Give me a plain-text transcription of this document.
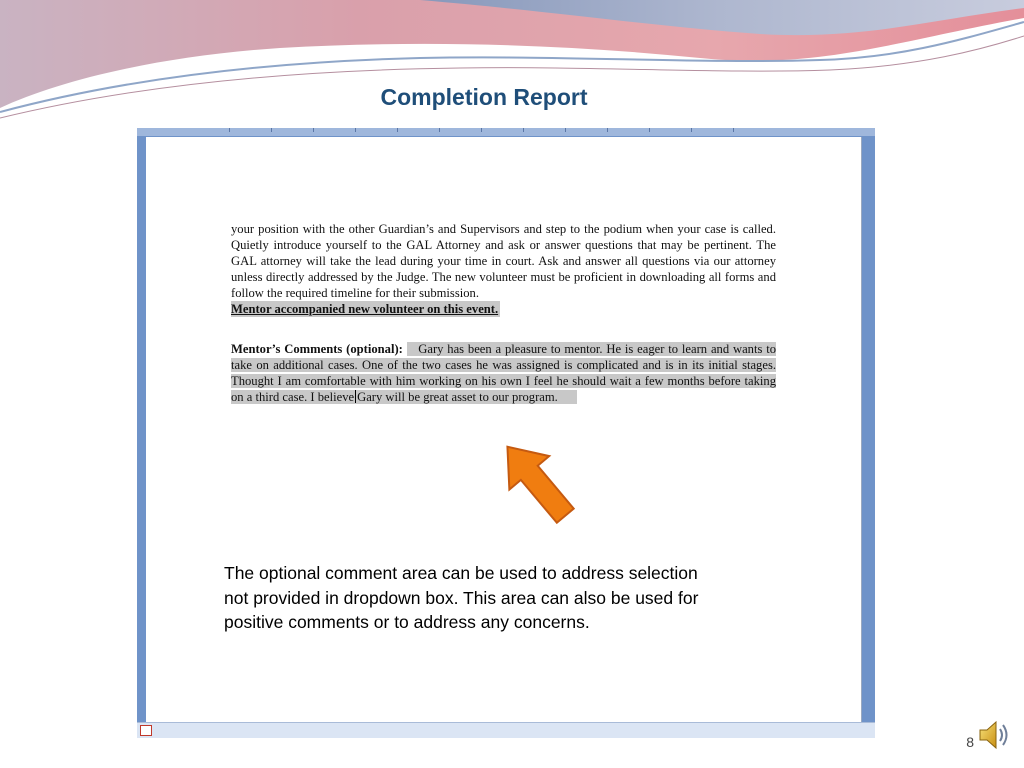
Completion Report

your position with the other Guardian’s and Supervisors and step to the podium when your case is called. Quietly introduce yourself to the GAL Attorney and ask or answer questions that may be pertinent. The GAL attorney will take the lead during your time in court. Ask and answer all questions via our attorney unless directly addressed by the Judge. The new volunteer must be proficient in downloading all forms and follow the required timeline for their submission.

Mentor accompanied new volunteer on this event.

Mentor’s Comments (optional): Gary has been a pleasure to mentor. He is eager to learn and wants to take on additional cases. One of the two cases he was assigned is complicated and is in its initial stages. Thought I am comfortable with him working on his own I feel he should wait a few months before taking on a third case. I believe Gary will be great asset to our program.

The optional comment area can be used to address selection
not provided in dropdown box. This area can also be used for
positive comments or to address any concerns.

8
